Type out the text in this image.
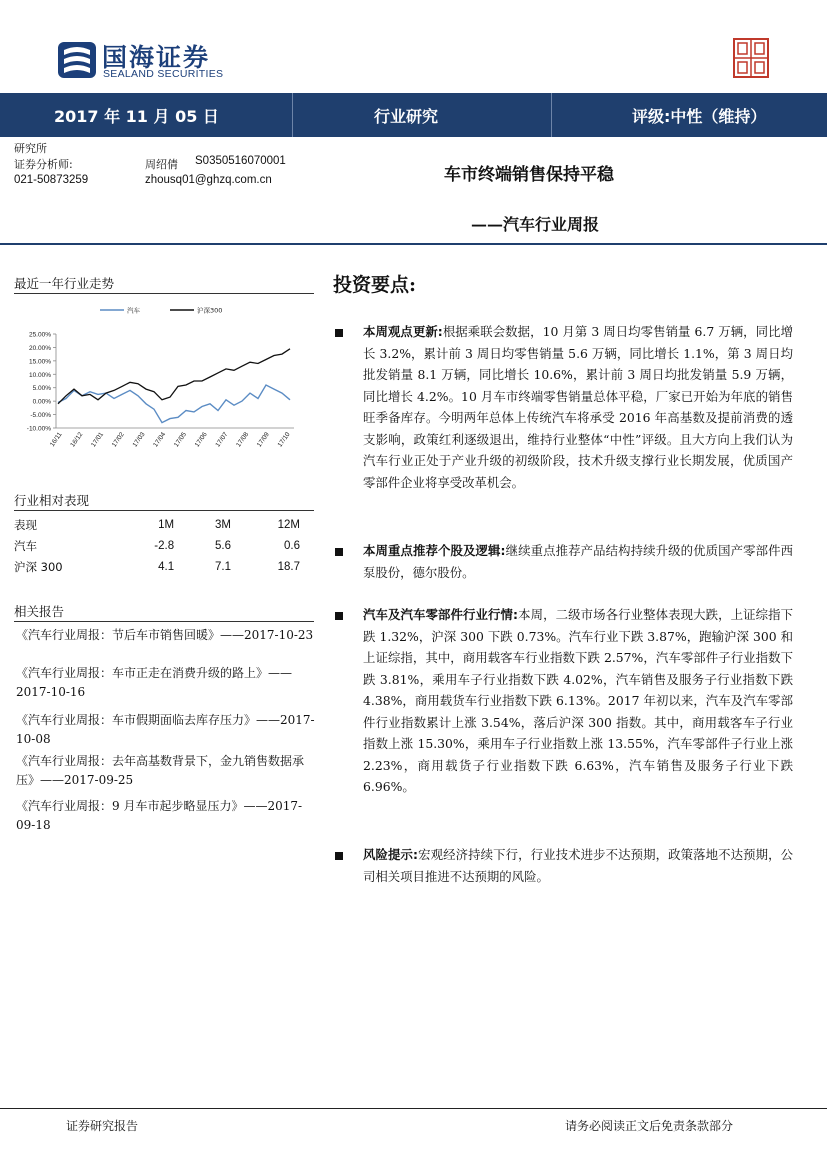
国海证券
SEALAND SECURITIES
2017 年 11 月 05 日	行业研究	评级:中性（维持）
研究所
证券分析师:	周绍倩 S0350516070001
021-50873259	zhousq01@ghzq.com.cn	车市终端销售保持平稳
——汽车行业周报
最近一年行业走势
25.00%
20.00%
15.00%
10.00%
5.00%
0.00%
-5.00%
-10.00%
16/11 16/12 17/01 17/02 17/03 17/04 17/05 17/06 17/07 17/08 17/09 17/10
汽车	沪深300
行业相对表现
表现	1M	3M	12M
汽车	-2.8	5.6	0.6
沪深 300	4.1	7.1	18.7
相关报告
《汽车行业周报：节后车市销售回暖》——2017-10-23
《汽车行业周报：车市正走在消费升级的路上》——2017-10-16
《汽车行业周报：车市假期面临去库存压力》——2017-10-08
《汽车行业周报：去年高基数背景下，金九销售数据承压》——2017-09-25
《汽车行业周报：9 月车市起步略显压力》——2017-09-18
投资要点:
本周观点更新:根据乘联会数据，10 月第 3 周日均零售销量 6.7 万辆，同比增长 3.2%，累计前 3 周日均零售销量 5.6 万辆，同比增长 1.1%，第 3 周日均批发销量 8.1 万辆，同比增长 10.6%，累计前 3 周日均批发销量 5.9 万辆，同比增长 4.2%。10 月车市终端零售销量总体平稳，厂家已开始为年底的销售旺季备库存。今明两年总体上传统汽车将承受 2016 年高基数及提前消费的透支影响，政策红利逐级退出，维持行业整体“中性”评级。且大方向上我们认为汽车行业正处于产业升级的初级阶段，技术升级支撑行业长期发展，优质国产零部件企业将享受改革机会。
本周重点推荐个股及逻辑:继续重点推荐产品结构持续升级的优质国产零部件西泵股份，德尔股份。
汽车及汽车零部件行业行情:本周，二级市场各行业整体表现大跌，上证综指下跌 1.32%，沪深 300 下跌 0.73%。汽车行业下跌 3.87%，跑输沪深 300 和上证综指，其中，商用载客车行业指数下跌 2.57%，汽车零部件子行业指数下跌 3.81%，乘用车子行业指数下跌 4.02%，汽车销售及服务子行业指数下跌 4.38%，商用载货车行业指数下跌 6.13%。2017 年初以来，汽车及汽车零部件行业指数累计上涨 3.54%，落后沪深 300 指数。其中，商用载客车子行业指数上涨 15.30%，乘用车子行业指数上涨 13.55%，汽车零部件子行业上涨 2.23%，商用载货子行业指数下跌 6.63%，汽车销售及服务子行业下跌 6.96%。
风险提示:宏观经济持续下行，行业技术进步不达预期，政策落地不达预期，公司相关项目推进不达预期的风险。
证券研究报告	请务必阅读正文后免责条款部分
